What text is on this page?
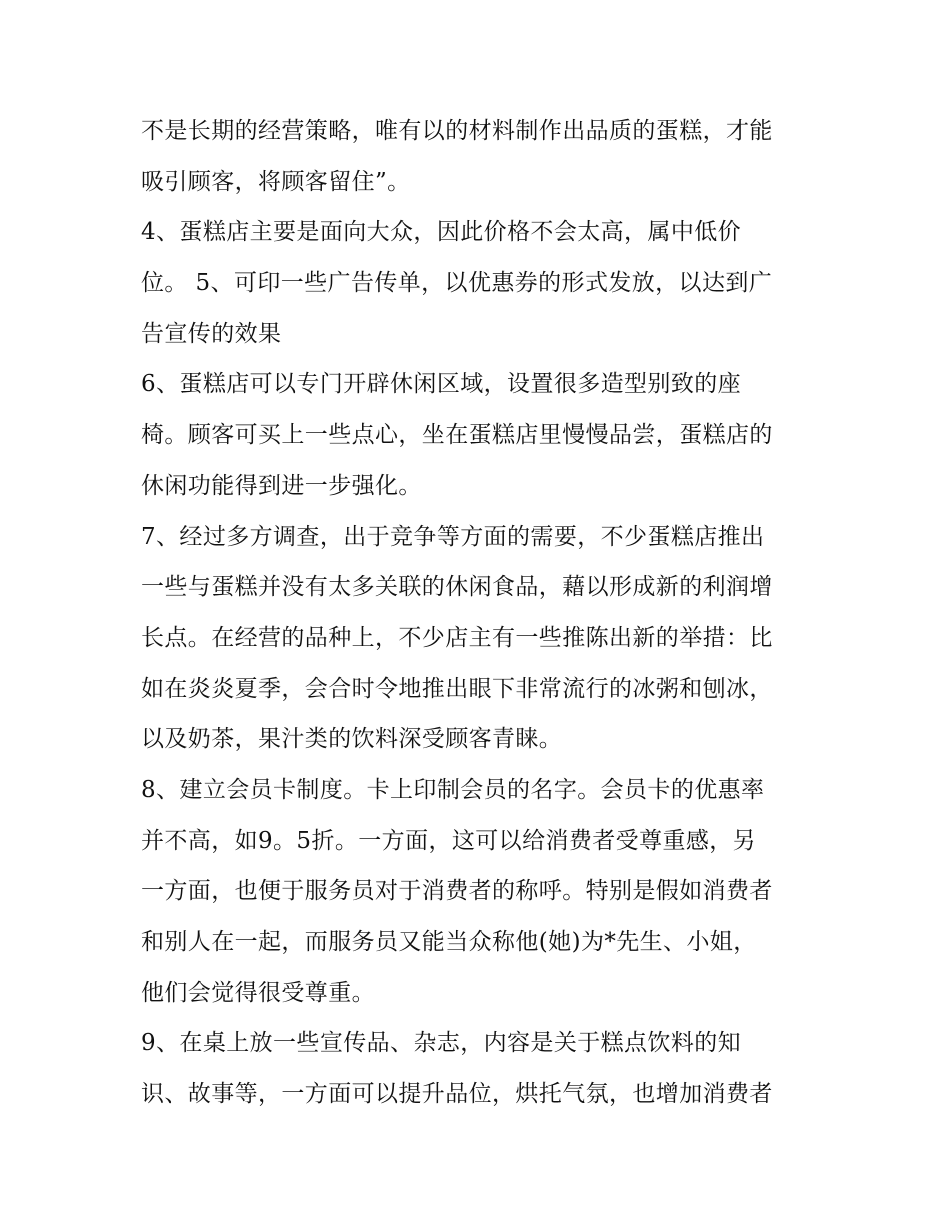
不是长期的经营策略，唯有以的材料制作出品质的蛋糕，才能
吸引顾客，将顾客留住”。
4、蛋糕店主要是面向大众，因此价格不会太高，属中低价
位。 5、可印一些广告传单，以优惠券的形式发放，以达到广
告宣传的效果
6、蛋糕店可以专门开辟休闲区域，设置很多造型别致的座
椅。顾客可买上一些点心，坐在蛋糕店里慢慢品尝，蛋糕店的
休闲功能得到进一步强化。
7、经过多方调查，出于竞争等方面的需要，不少蛋糕店推出
一些与蛋糕并没有太多关联的休闲食品，藉以形成新的利润增
长点。在经营的品种上，不少店主有一些推陈出新的举措：比
如在炎炎夏季，会合时令地推出眼下非常流行的冰粥和刨冰，
以及奶茶，果汁类的饮料深受顾客青睐。
8、建立会员卡制度。卡上印制会员的名字。会员卡的优惠率
并不高，如9。5折。一方面，这可以给消费者受尊重感，另
一方面，也便于服务员对于消费者的称呼。特别是假如消费者
和别人在一起，而服务员又能当众称他(她)为*先生、小姐，
他们会觉得很受尊重。
9、在桌上放一些宣传品、杂志，内容是关于糕点饮料的知
识、故事等，一方面可以提升品位，烘托气氛，也增加消费者
